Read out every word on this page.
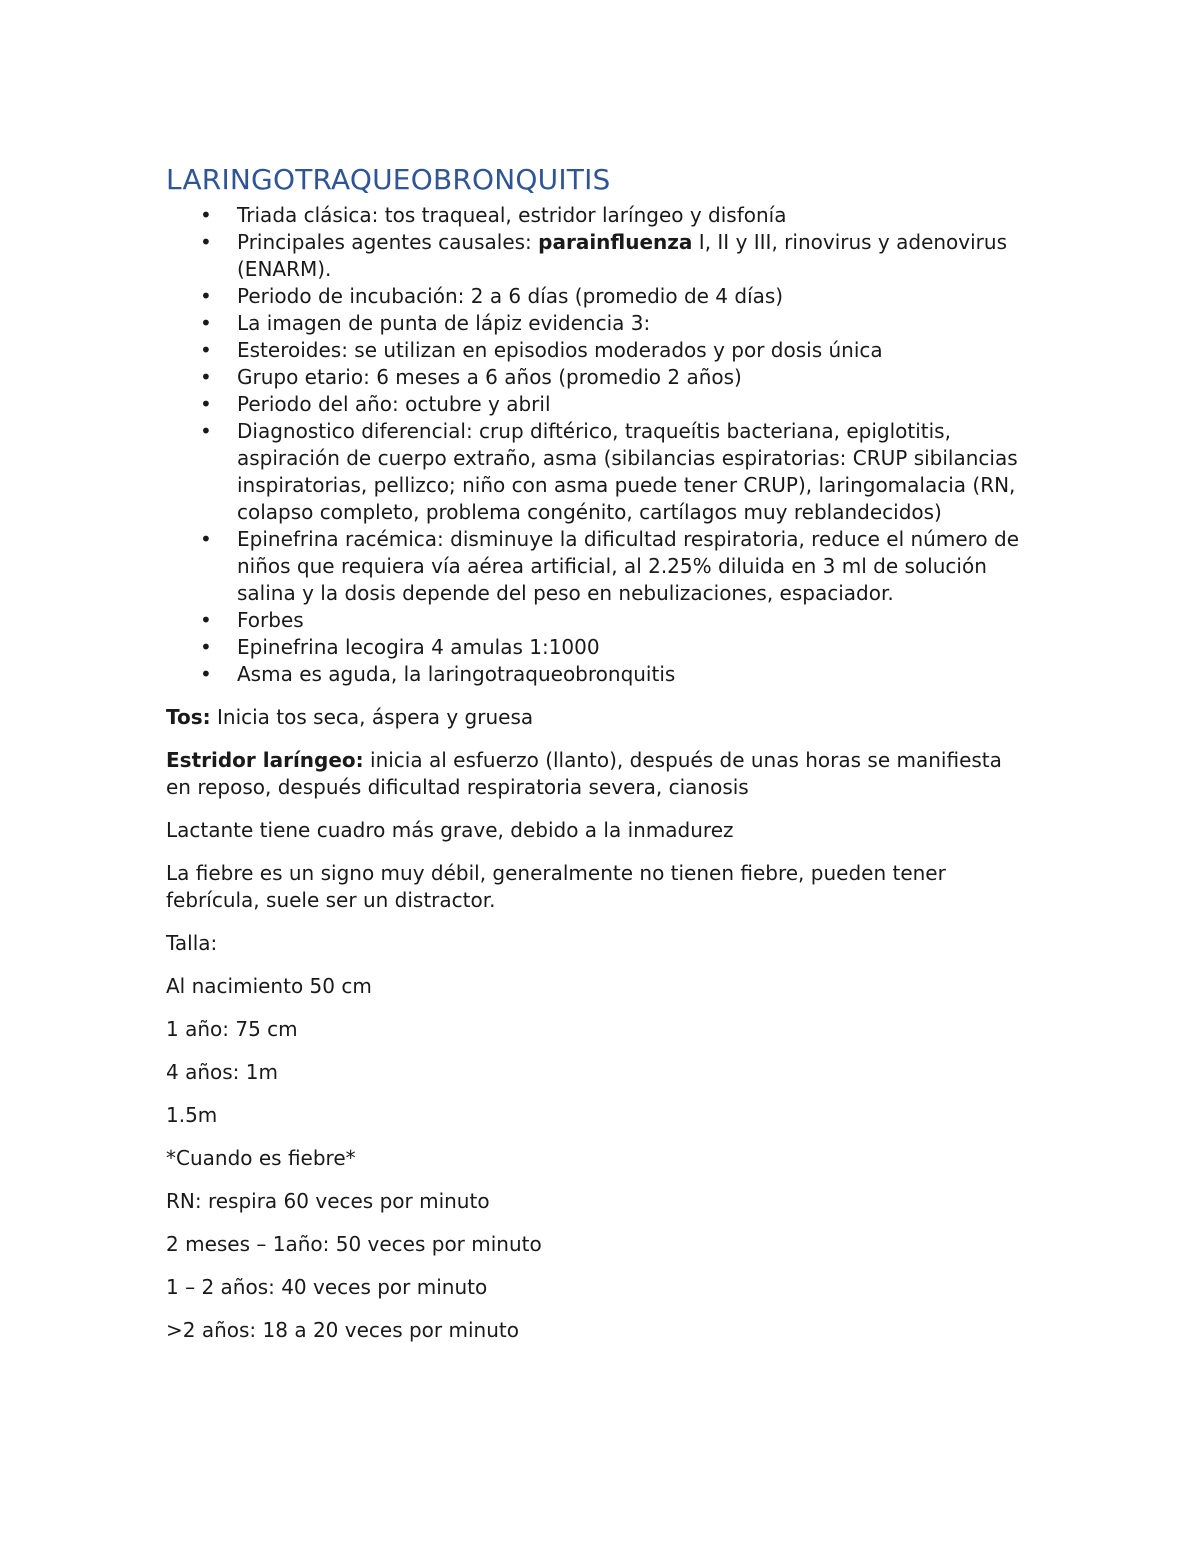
LARINGOTRAQUEOBRONQUITIS
• Triada clásica: tos traqueal, estridor laríngeo y disfonía
• Principales agentes causales: parainfluenza I, II y III, rinovirus y adenovirus (ENARM).
• Periodo de incubación: 2 a 6 días (promedio de 4 días)
• La imagen de punta de lápiz evidencia 3:
• Esteroides: se utilizan en episodios moderados y por dosis única
• Grupo etario: 6 meses a 6 años (promedio 2 años)
• Periodo del año: octubre y abril
• Diagnostico diferencial: crup diftérico, traqueítis bacteriana, epiglotitis, aspiración de cuerpo extraño, asma (sibilancias espiratorias: CRUP sibilancias inspiratorias, pellizco; niño con asma puede tener CRUP), laringomalacia (RN, colapso completo, problema congénito, cartílagos muy reblandecidos)
• Epinefrina racémica: disminuye la dificultad respiratoria, reduce el número de niños que requiera vía aérea artificial, al 2.25% diluida en 3 ml de solución salina y la dosis depende del peso en nebulizaciones, espaciador.
• Forbes
• Epinefrina lecogira 4 amulas 1:1000
• Asma es aguda, la laringotraqueobronquitis

Tos: Inicia tos seca, áspera y gruesa

Estridor laríngeo: inicia al esfuerzo (llanto), después de unas horas se manifiesta en reposo, después dificultad respiratoria severa, cianosis

Lactante tiene cuadro más grave, debido a la inmadurez

La fiebre es un signo muy débil, generalmente no tienen fiebre, pueden tener febrícula, suele ser un distractor.

Talla:

Al nacimiento 50 cm

1 año: 75 cm

4 años: 1m

1.5m

*Cuando es fiebre*

RN: respira 60 veces por minuto

2 meses – 1año: 50 veces por minuto

1 – 2 años: 40 veces por minuto

>2 años: 18 a 20 veces por minuto
